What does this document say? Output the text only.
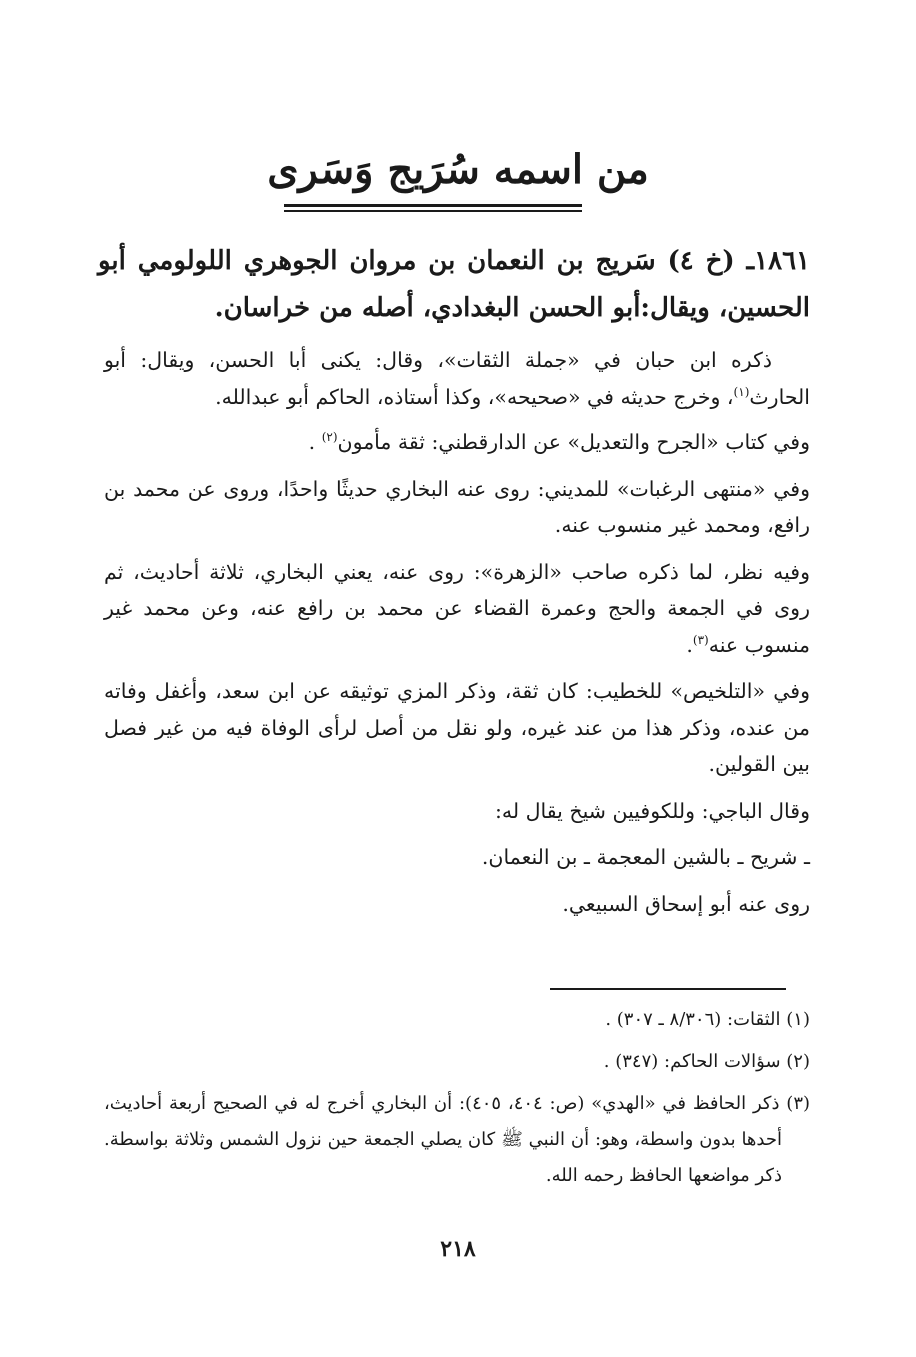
من اسمه سُرَيج وَسَرى
١٨٦١ـ (خ ٤) سَريج بن النعمان بن مروان الجوهري اللولومي أبو الحسين، ويقال:أبو الحسن البغدادي، أصله من خراسان.

ذكره ابن حبان في «جملة الثقات»، وقال: يكنى أبا الحسن، ويقال: أبو الحارث$^{(١)}$، وخرج حديثه في «صحيحه»، وكذا أستاذه، الحاكم أبو عبدالله.

وفي كتاب «الجرح والتعديل» عن الدارقطني: ثقة مأمون$^{(٢)}$ .

وفي «منتهى الرغبات» للمديني: روى عنه البخاري حديثًا واحدًا، وروى عن محمد بن رافع، ومحمد غير منسوب عنه.

وفيه نظر، لما ذكره صاحب «الزهرة»: روى عنه، يعني البخاري، ثلاثة أحاديث، ثم روى في الجمعة والحج وعمرة القضاء عن محمد بن رافع عنه، وعن محمد غير منسوب عنه$^{(٣)}$.

وفي «التلخيص» للخطيب: كان ثقة، وذكر المزي توثيقه عن ابن سعد، وأغفل وفاته من عنده، وذكر هذا من عند غيره، ولو نقل من أصل لرأى الوفاة فيه من غير فصل بين القولين.

وقال الباجي: وللكوفيين شيخ يقال له:

ـ شريح ـ بالشين المعجمة ـ بن النعمان.

روى عنه أبو إسحاق السبيعي.

(١) الثقات: (٨/٣٠٦ ـ ٣٠٧) .

(٢) سؤالات الحاكم: (٣٤٧) .

(٣) ذكر الحافظ في «الهدي» (ص: ٤٠٤، ٤٠٥): أن البخاري أخرج له في الصحيح أربعة أحاديث، أحدها بدون واسطة، وهو: أن النبي ﷺ كان يصلي الجمعة حين نزول الشمس وثلاثة بواسطة. ذكر مواضعها الحافظ رحمه الله.

٢١٨
